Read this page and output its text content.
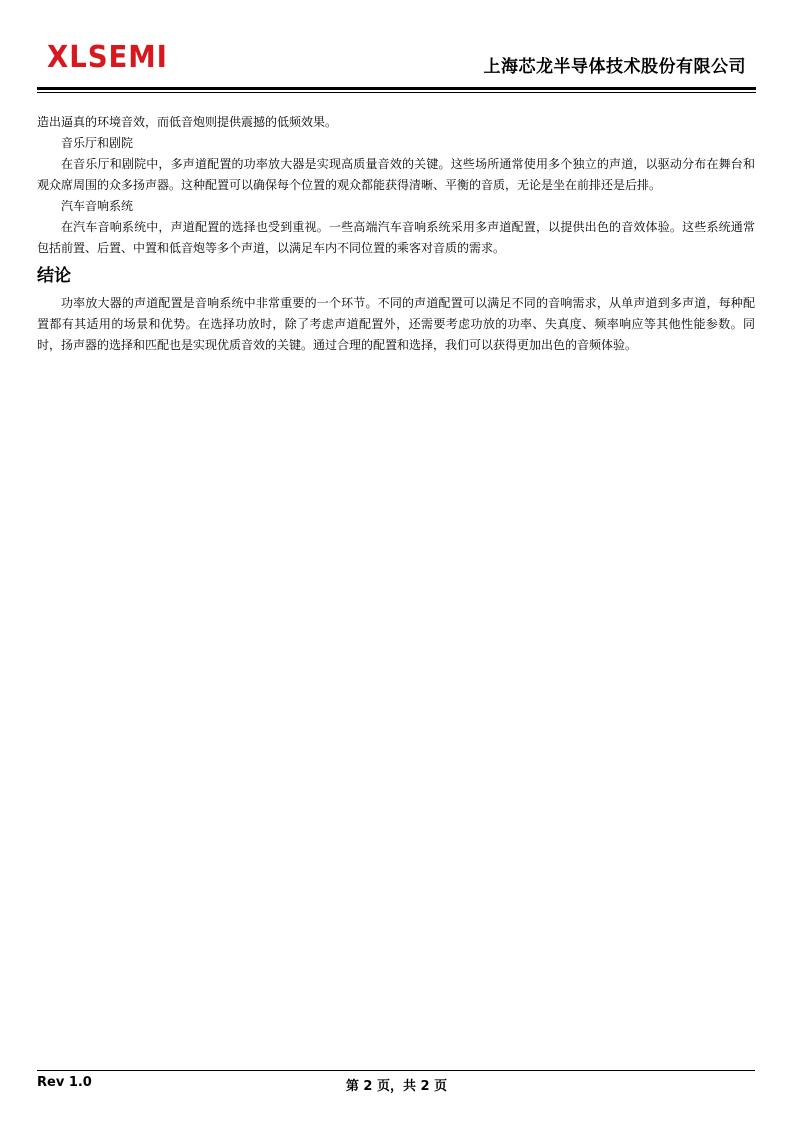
XLSEMI	上海芯龙半导体技术股份有限公司

造出逼真的环境音效，而低音炮则提供震撼的低频效果。

音乐厅和剧院

在音乐厅和剧院中，多声道配置的功率放大器是实现高质量音效的关键。这些场所通常使用多个独立的声道，以驱动分布在舞台和观众席周围的众多扬声器。这种配置可以确保每个位置的观众都能获得清晰、平衡的音质，无论是坐在前排还是后排。

汽车音响系统

在汽车音响系统中，声道配置的选择也受到重视。一些高端汽车音响系统采用多声道配置，以提供出色的音效体验。这些系统通常包括前置、后置、中置和低音炮等多个声道，以满足车内不同位置的乘客对音质的需求。

结论

功率放大器的声道配置是音响系统中非常重要的一个环节。不同的声道配置可以满足不同的音响需求，从单声道到多声道，每种配置都有其适用的场景和优势。在选择功放时，除了考虑声道配置外，还需要考虑功放的功率、失真度、频率响应等其他性能参数。同时，扬声器的选择和匹配也是实现优质音效的关键。通过合理的配置和选择，我们可以获得更加出色的音频体验。

Rev 1.0	第 2 页，共 2 页
